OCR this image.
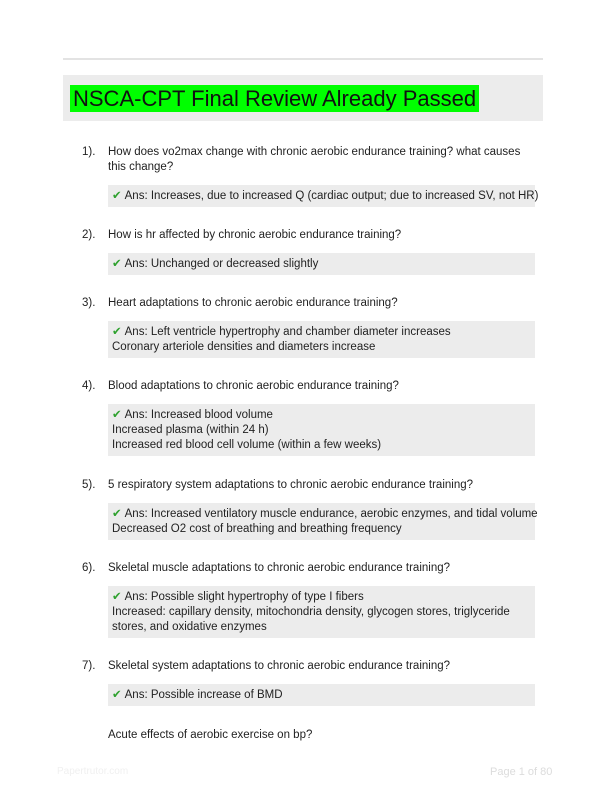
NSCA-CPT Final Review Already Passed
1). How does vo2max change with chronic aerobic endurance training? what causes this change?
✔ Ans: Increases, due to increased Q (cardiac output; due to increased SV, not HR)
2). How is hr affected by chronic aerobic endurance training?
✔ Ans: Unchanged or decreased slightly
3). Heart adaptations to chronic aerobic endurance training?
✔ Ans: Left ventricle hypertrophy and chamber diameter increases
Coronary arteriole densities and diameters increase
4). Blood adaptations to chronic aerobic endurance training?
✔ Ans: Increased blood volume
Increased plasma (within 24 h)
Increased red blood cell volume (within a few weeks)
5). 5 respiratory system adaptations to chronic aerobic endurance training?
✔ Ans: Increased ventilatory muscle endurance, aerobic enzymes, and tidal volume
Decreased O2 cost of breathing and breathing frequency
6). Skeletal muscle adaptations to chronic aerobic endurance training?
✔ Ans: Possible slight hypertrophy of type I fibers
Increased: capillary density, mitochondria density, glycogen stores, triglyceride stores, and oxidative enzymes
7). Skeletal system adaptations to chronic aerobic endurance training?
✔ Ans: Possible increase of BMD
Acute effects of aerobic exercise on bp?
Papertrutor.com	Page 1 of 80
